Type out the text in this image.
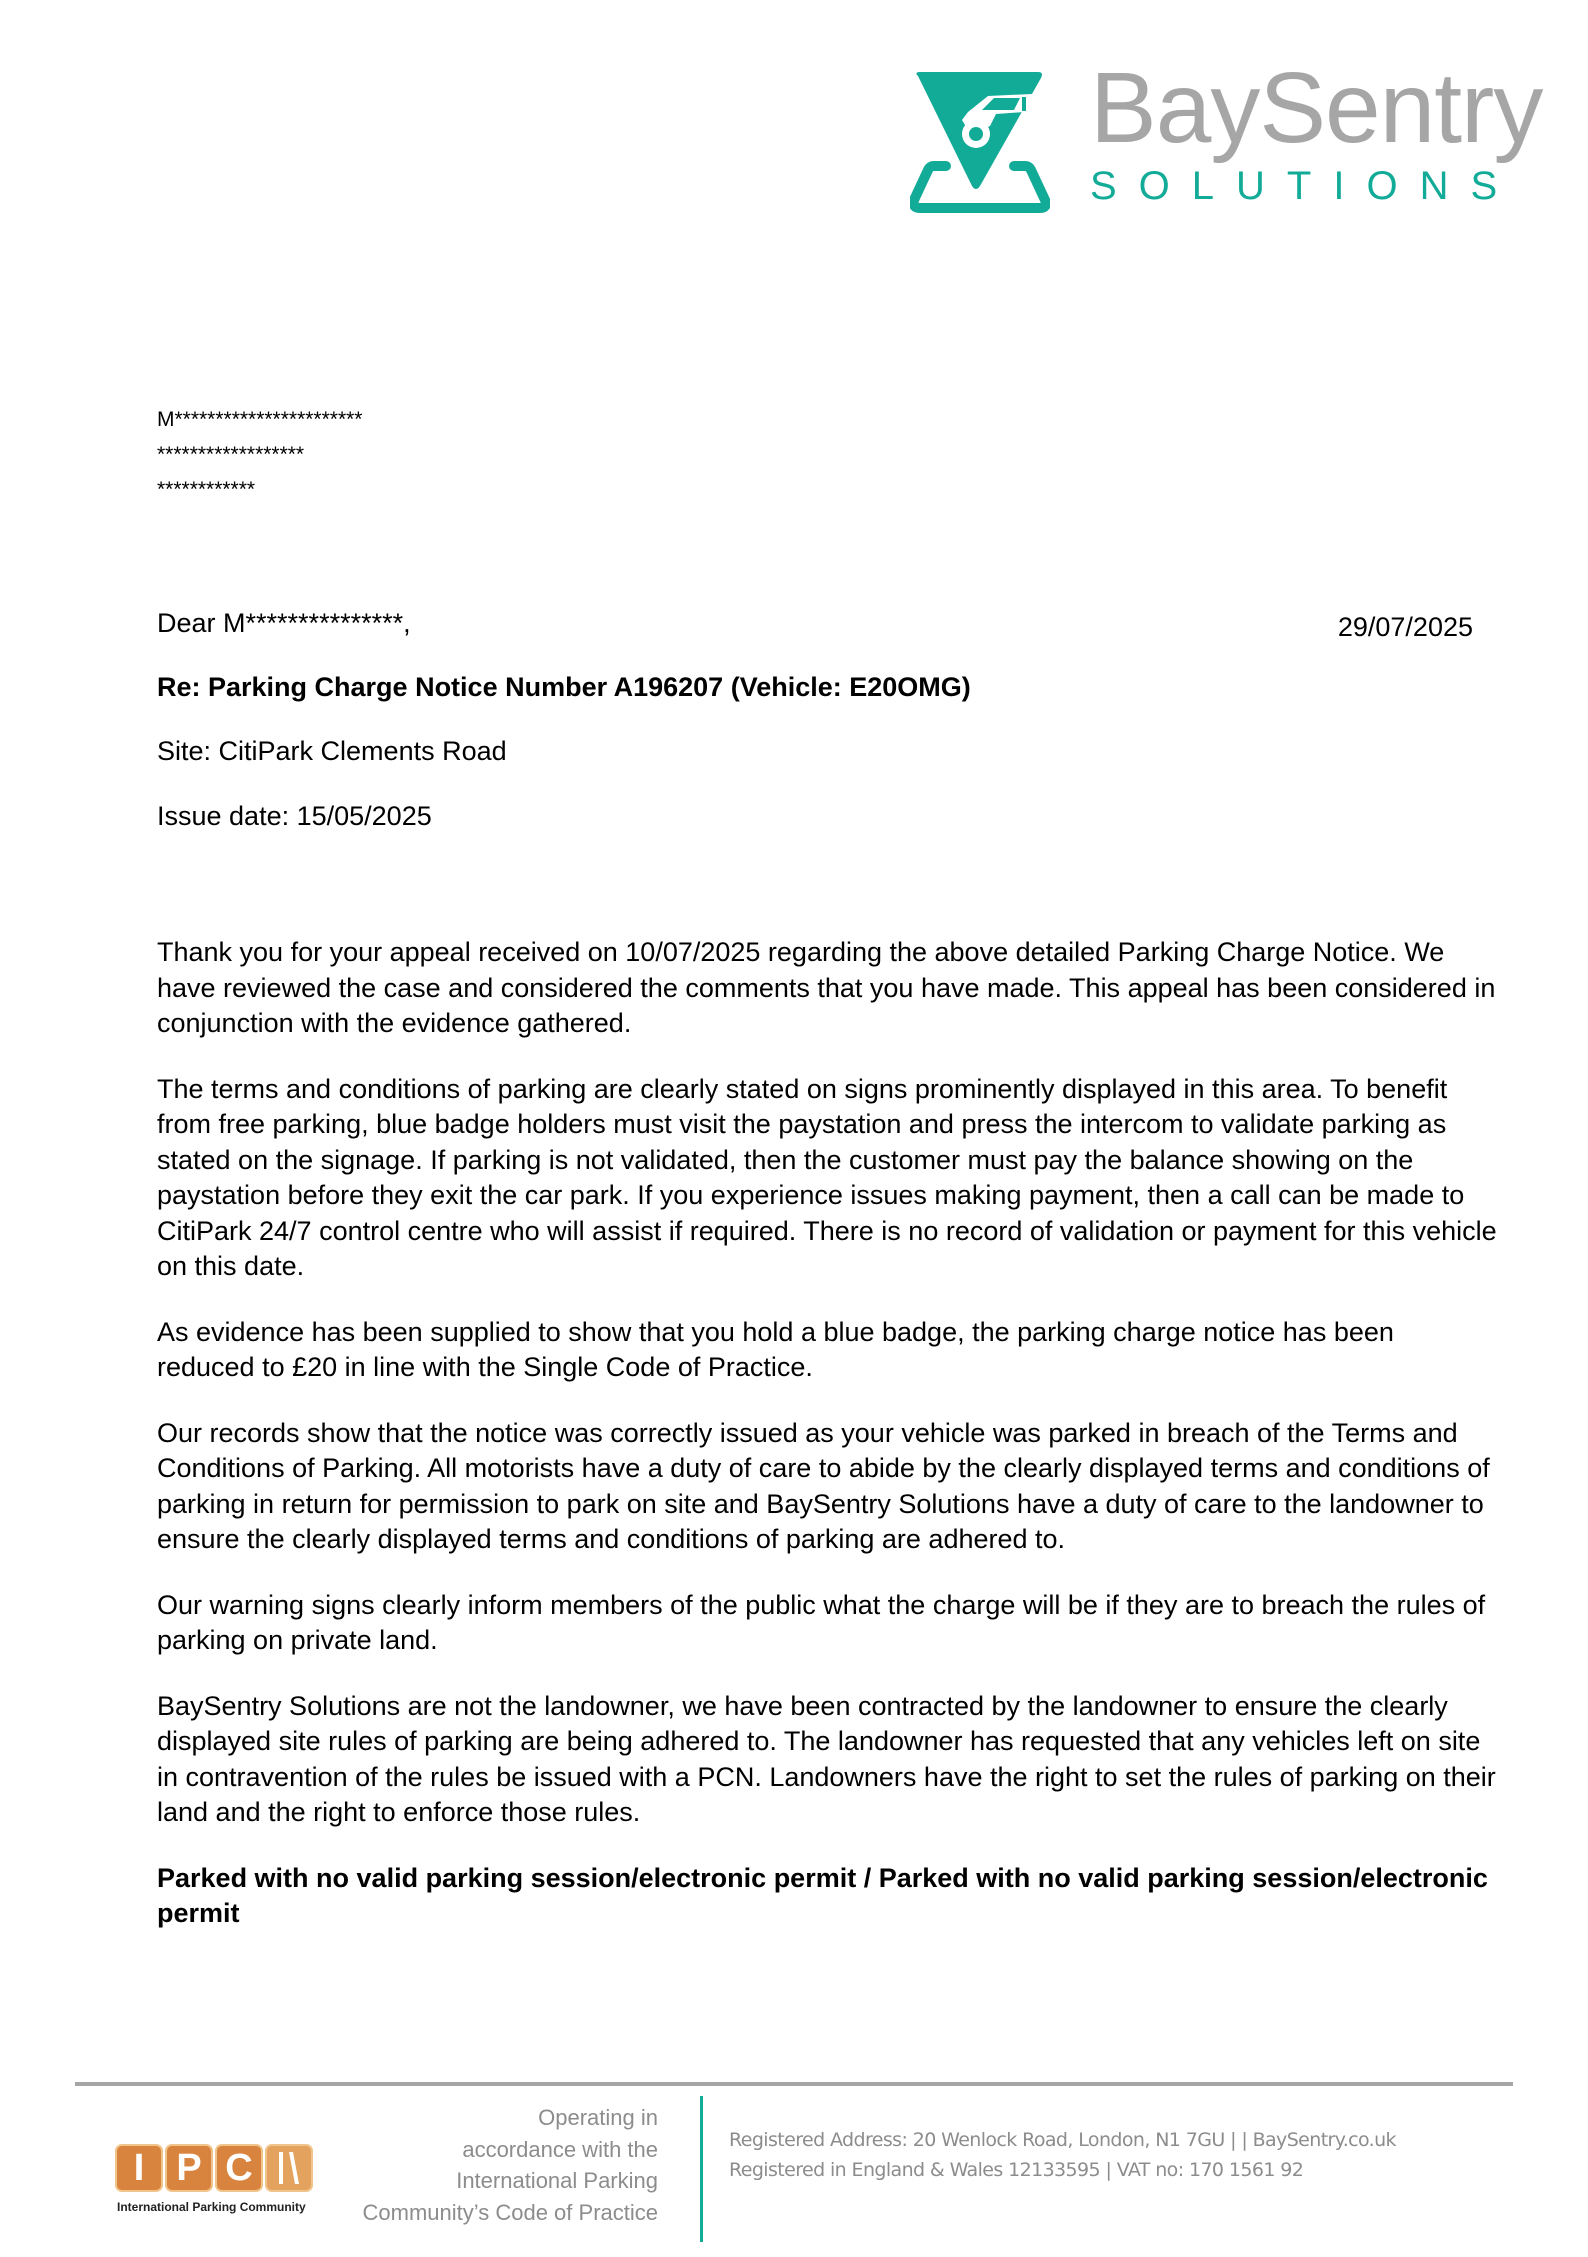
BaySentry
SOLUTIONS
M***********************
******************
************
Dear M***************,	29/07/2025
Re: Parking Charge Notice Number A196207 (Vehicle: E20OMG)
Site: CitiPark Clements Road
Issue date: 15/05/2025

Thank you for your appeal received on 10/07/2025 regarding the above detailed Parking Charge Notice. We have reviewed the case and considered the comments that you have made. This appeal has been considered in conjunction with the evidence gathered.

The terms and conditions of parking are clearly stated on signs prominently displayed in this area. To benefit from free parking, blue badge holders must visit the paystation and press the intercom to validate parking as stated on the signage. If parking is not validated, then the customer must pay the balance showing on the paystation before they exit the car park. If you experience issues making payment, then a call can be made to CitiPark 24/7 control centre who will assist if required. There is no record of validation or payment for this vehicle on this date.

As evidence has been supplied to show that you hold a blue badge, the parking charge notice has been reduced to £20 in line with the Single Code of Practice.

Our records show that the notice was correctly issued as your vehicle was parked in breach of the Terms and Conditions of Parking. All motorists have a duty of care to abide by the clearly displayed terms and conditions of parking in return for permission to park on site and BaySentry Solutions have a duty of care to the landowner to ensure the clearly displayed terms and conditions of parking are adhered to.

Our warning signs clearly inform members of the public what the charge will be if they are to breach the rules of parking on private land.

BaySentry Solutions are not the landowner, we have been contracted by the landowner to ensure the clearly displayed site rules of parking are being adhered to. The landowner has requested that any vehicles left on site in contravention of the rules be issued with a PCN. Landowners have the right to set the rules of parking on their land and the right to enforce those rules.

Parked with no valid parking session/electronic permit / Parked with no valid parking session/electronic permit

I P C
International Parking Community
Operating in
accordance with the
International Parking
Community’s Code of Practice
Registered Address: 20 Wenlock Road, London, N1 7GU | | BaySentry.co.uk
Registered in England & Wales 12133595 | VAT no: 170 1561 92
